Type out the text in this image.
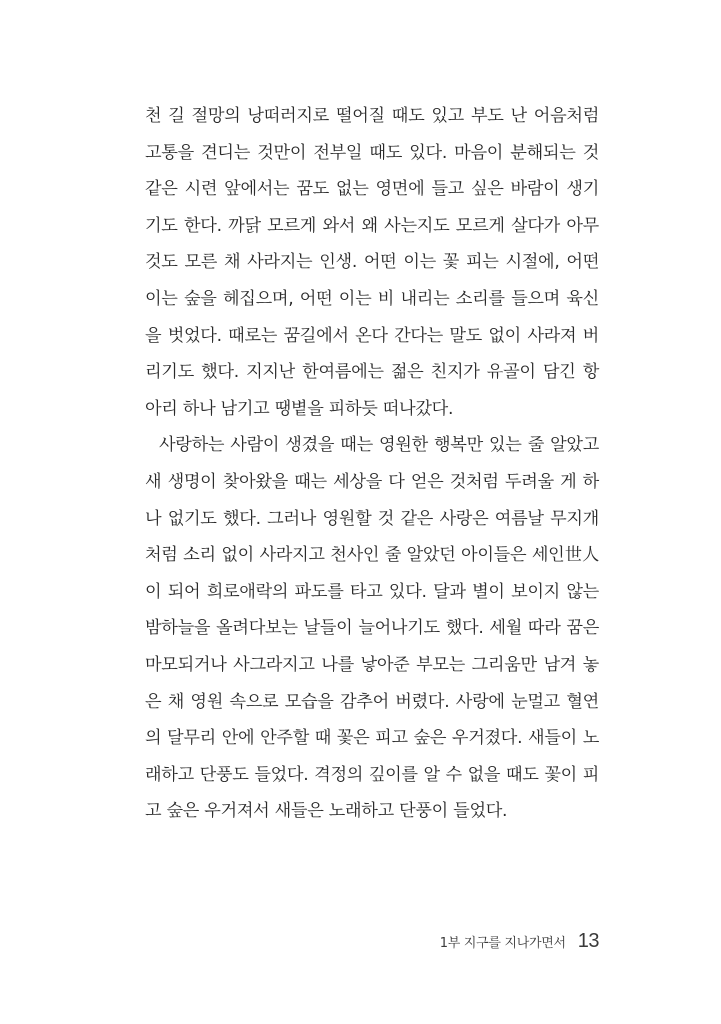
천 길 절망의 낭떠러지로 떨어질 때도 있고 부도 난 어음처럼
고통을 견디는 것만이 전부일 때도 있다. 마음이 분해되는 것
같은 시련 앞에서는 꿈도 없는 영면에 들고 싶은 바람이 생기
기도 한다. 까닭 모르게 와서 왜 사는지도 모르게 살다가 아무
것도 모른 채 사라지는 인생. 어떤 이는 꽃 피는 시절에, 어떤
이는 숲을 헤집으며, 어떤 이는 비 내리는 소리를 들으며 육신
을 벗었다. 때로는 꿈길에서 온다 간다는 말도 없이 사라져 버
리기도 했다. 지지난 한여름에는 젊은 친지가 유골이 담긴 항
아리 하나 남기고 땡볕을 피하듯 떠나갔다.
사랑하는 사람이 생겼을 때는 영원한 행복만 있는 줄 알았고
새 생명이 찾아왔을 때는 세상을 다 얻은 것처럼 두려울 게 하
나 없기도 했다. 그러나 영원할 것 같은 사랑은 여름날 무지개
처럼 소리 없이 사라지고 천사인 줄 알았던 아이들은 세인世人
이 되어 희로애락의 파도를 타고 있다. 달과 별이 보이지 않는
밤하늘을 올려다보는 날들이 늘어나기도 했다. 세월 따라 꿈은
마모되거나 사그라지고 나를 낳아준 부모는 그리움만 남겨 놓
은 채 영원 속으로 모습을 감추어 버렸다. 사랑에 눈멀고 혈연
의 달무리 안에 안주할 때 꽃은 피고 숲은 우거졌다. 새들이 노
래하고 단풍도 들었다. 격정의 깊이를 알 수 없을 때도 꽃이 피
고 숲은 우거져서 새들은 노래하고 단풍이 들었다.
1부 지구를 지나가면서 13
